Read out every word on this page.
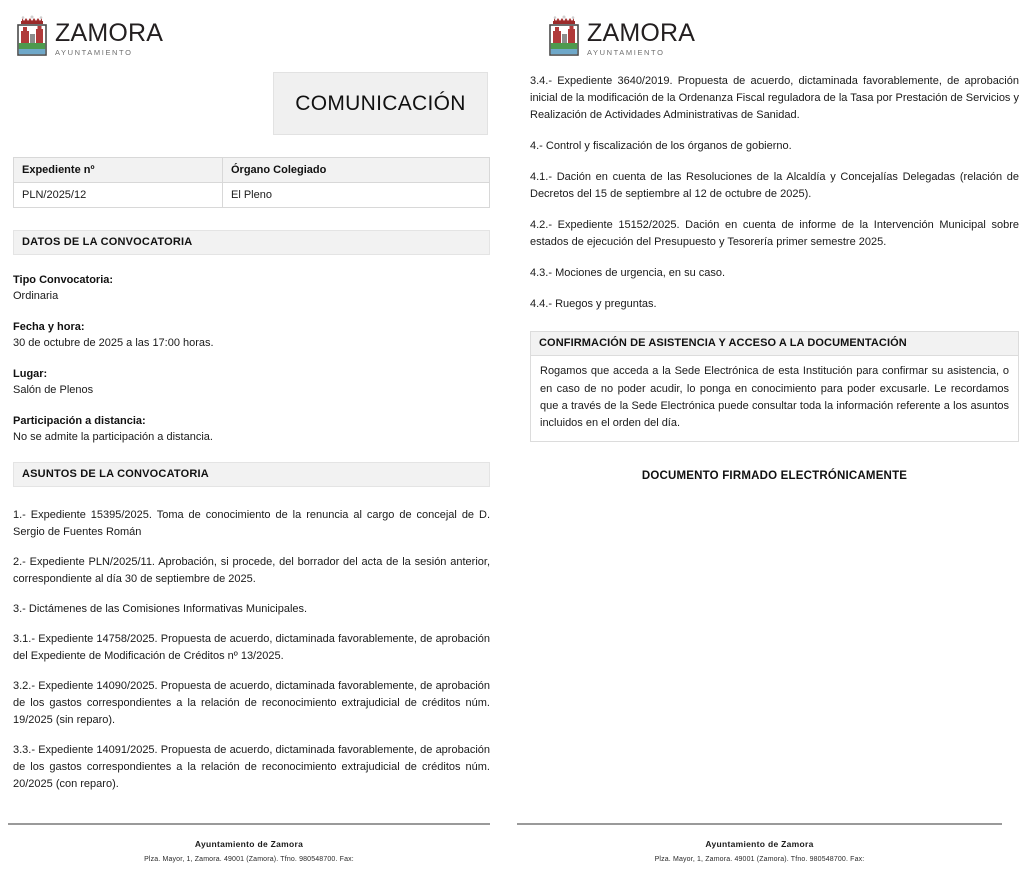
ZAMORA
AYUNTAMIENTO
COMUNICACIÓN
Expediente nº	Órgano Colegiado
PLN/2025/12	El Pleno
DATOS DE LA CONVOCATORIA
Tipo Convocatoria:
Ordinaria
Fecha y hora:
30 de octubre de 2025 a las 17:00 horas.
Lugar:
Salón de Plenos
Participación a distancia:
No se admite la participación a distancia.
ASUNTOS DE LA CONVOCATORIA

1.- Expediente 15395/2025. Toma de conocimiento de la renuncia al cargo de concejal de D. Sergio de Fuentes Román

2.- Expediente PLN/2025/11. Aprobación, si procede, del borrador del acta de la sesión anterior, correspondiente al día 30 de septiembre de 2025.

3.- Dictámenes de las Comisiones Informativas Municipales.

3.1.- Expediente 14758/2025. Propuesta de acuerdo, dictaminada favorablemente, de aprobación del Expediente de Modificación de Créditos nº 13/2025.

3.2.- Expediente 14090/2025. Propuesta de acuerdo, dictaminada favorablemente, de aprobación de los gastos correspondientes a la relación de reconocimiento extrajudicial de créditos núm. 19/2025 (sin reparo).

3.3.- Expediente 14091/2025. Propuesta de acuerdo, dictaminada favorablemente, de aprobación de los gastos correspondientes a la relación de reconocimiento extrajudicial de créditos núm. 20/2025 (con reparo).

Ayuntamiento de Zamora
Plza. Mayor, 1, Zamora. 49001 (Zamora). Tfno. 980548700. Fax:
ZAMORA
AYUNTAMIENTO

3.4.- Expediente 3640/2019. Propuesta de acuerdo, dictaminada favorablemente, de aprobación inicial de la modificación de la Ordenanza Fiscal reguladora de la Tasa por Prestación de Servicios y Realización de Actividades Administrativas de Sanidad.

4.- Control y fiscalización de los órganos de gobierno.

4.1.- Dación en cuenta de las Resoluciones de la Alcaldía y Concejalías Delegadas (relación de Decretos del 15 de septiembre al 12 de octubre de 2025).

4.2.- Expediente 15152/2025. Dación en cuenta de informe de la Intervención Municipal sobre estados de ejecución del Presupuesto y Tesorería primer semestre 2025.

4.3.- Mociones de urgencia, en su caso.

4.4.- Ruegos y preguntas.

CONFIRMACIÓN DE ASISTENCIA Y ACCESO A LA DOCUMENTACIÓN
Rogamos que acceda a la Sede Electrónica de esta Institución para confirmar su asistencia, o en caso de no poder acudir, lo ponga en conocimiento para poder excusarle. Le recordamos que a través de la Sede Electrónica puede consultar toda la información referente a los asuntos incluidos en el orden del día.
DOCUMENTO FIRMADO ELECTRÓNICAMENTE
Ayuntamiento de Zamora
Plza. Mayor, 1, Zamora. 49001 (Zamora). Tfno. 980548700. Fax:
